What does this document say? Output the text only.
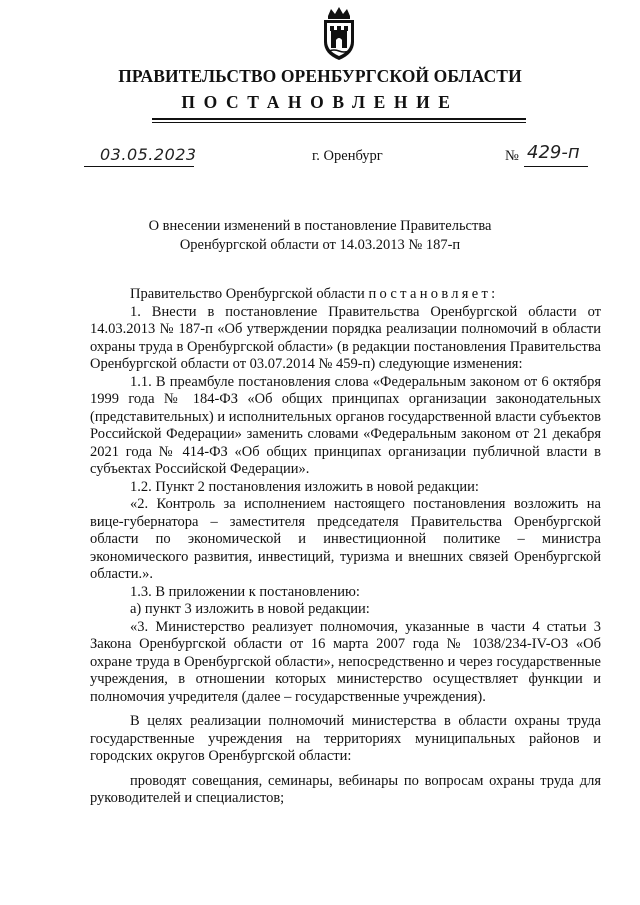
ПРАВИТЕЛЬСТВО ОРЕНБУРГСКОЙ ОБЛАСТИ
ПОСТАНОВЛЕНИЕ
03.05.2023	г. Оренбург	№ 429-п
О внесении изменений в постановление Правительства
Оренбургской области от 14.03.2013 № 187-п
Правительство Оренбургской области постановляет:
1. Внести в постановление Правительства Оренбургской области от 14.03.2013 № 187-п «Об утверждении порядка реализации полномочий в области охраны труда в Оренбургской области» (в редакции постановления Правительства Оренбургской области от 03.07.2014 № 459-п) следующие изменения:
1.1. В преамбуле постановления слова «Федеральным законом от 6 октября 1999 года № 184-ФЗ «Об общих принципах организации законодательных (представительных) и исполнительных органов государственной власти субъектов Российской Федерации» заменить словами «Федеральным законом от 21 декабря 2021 года № 414-ФЗ «Об общих принципах организации публичной власти в субъектах Российской Федерации».
1.2. Пункт 2 постановления изложить в новой редакции:
«2. Контроль за исполнением настоящего постановления возложить на вице-губернатора – заместителя председателя Правительства Оренбургской области по экономической и инвестиционной политике – министра экономического развития, инвестиций, туризма и внешних связей Оренбургской области.».
1.3. В приложении к постановлению:
а) пункт 3 изложить в новой редакции:
«3. Министерство реализует полномочия, указанные в части 4 статьи 3 Закона Оренбургской области от 16 марта 2007 года № 1038/234-IV-ОЗ «Об охране труда в Оренбургской области», непосредственно и через государственные учреждения, в отношении которых министерство осуществляет функции и полномочия учредителя (далее – государственные учреждения).
В целях реализации полномочий министерства в области охраны труда государственные учреждения на территориях муниципальных районов и городских округов Оренбургской области:
проводят совещания, семинары, вебинары по вопросам охраны труда для руководителей и специалистов;
